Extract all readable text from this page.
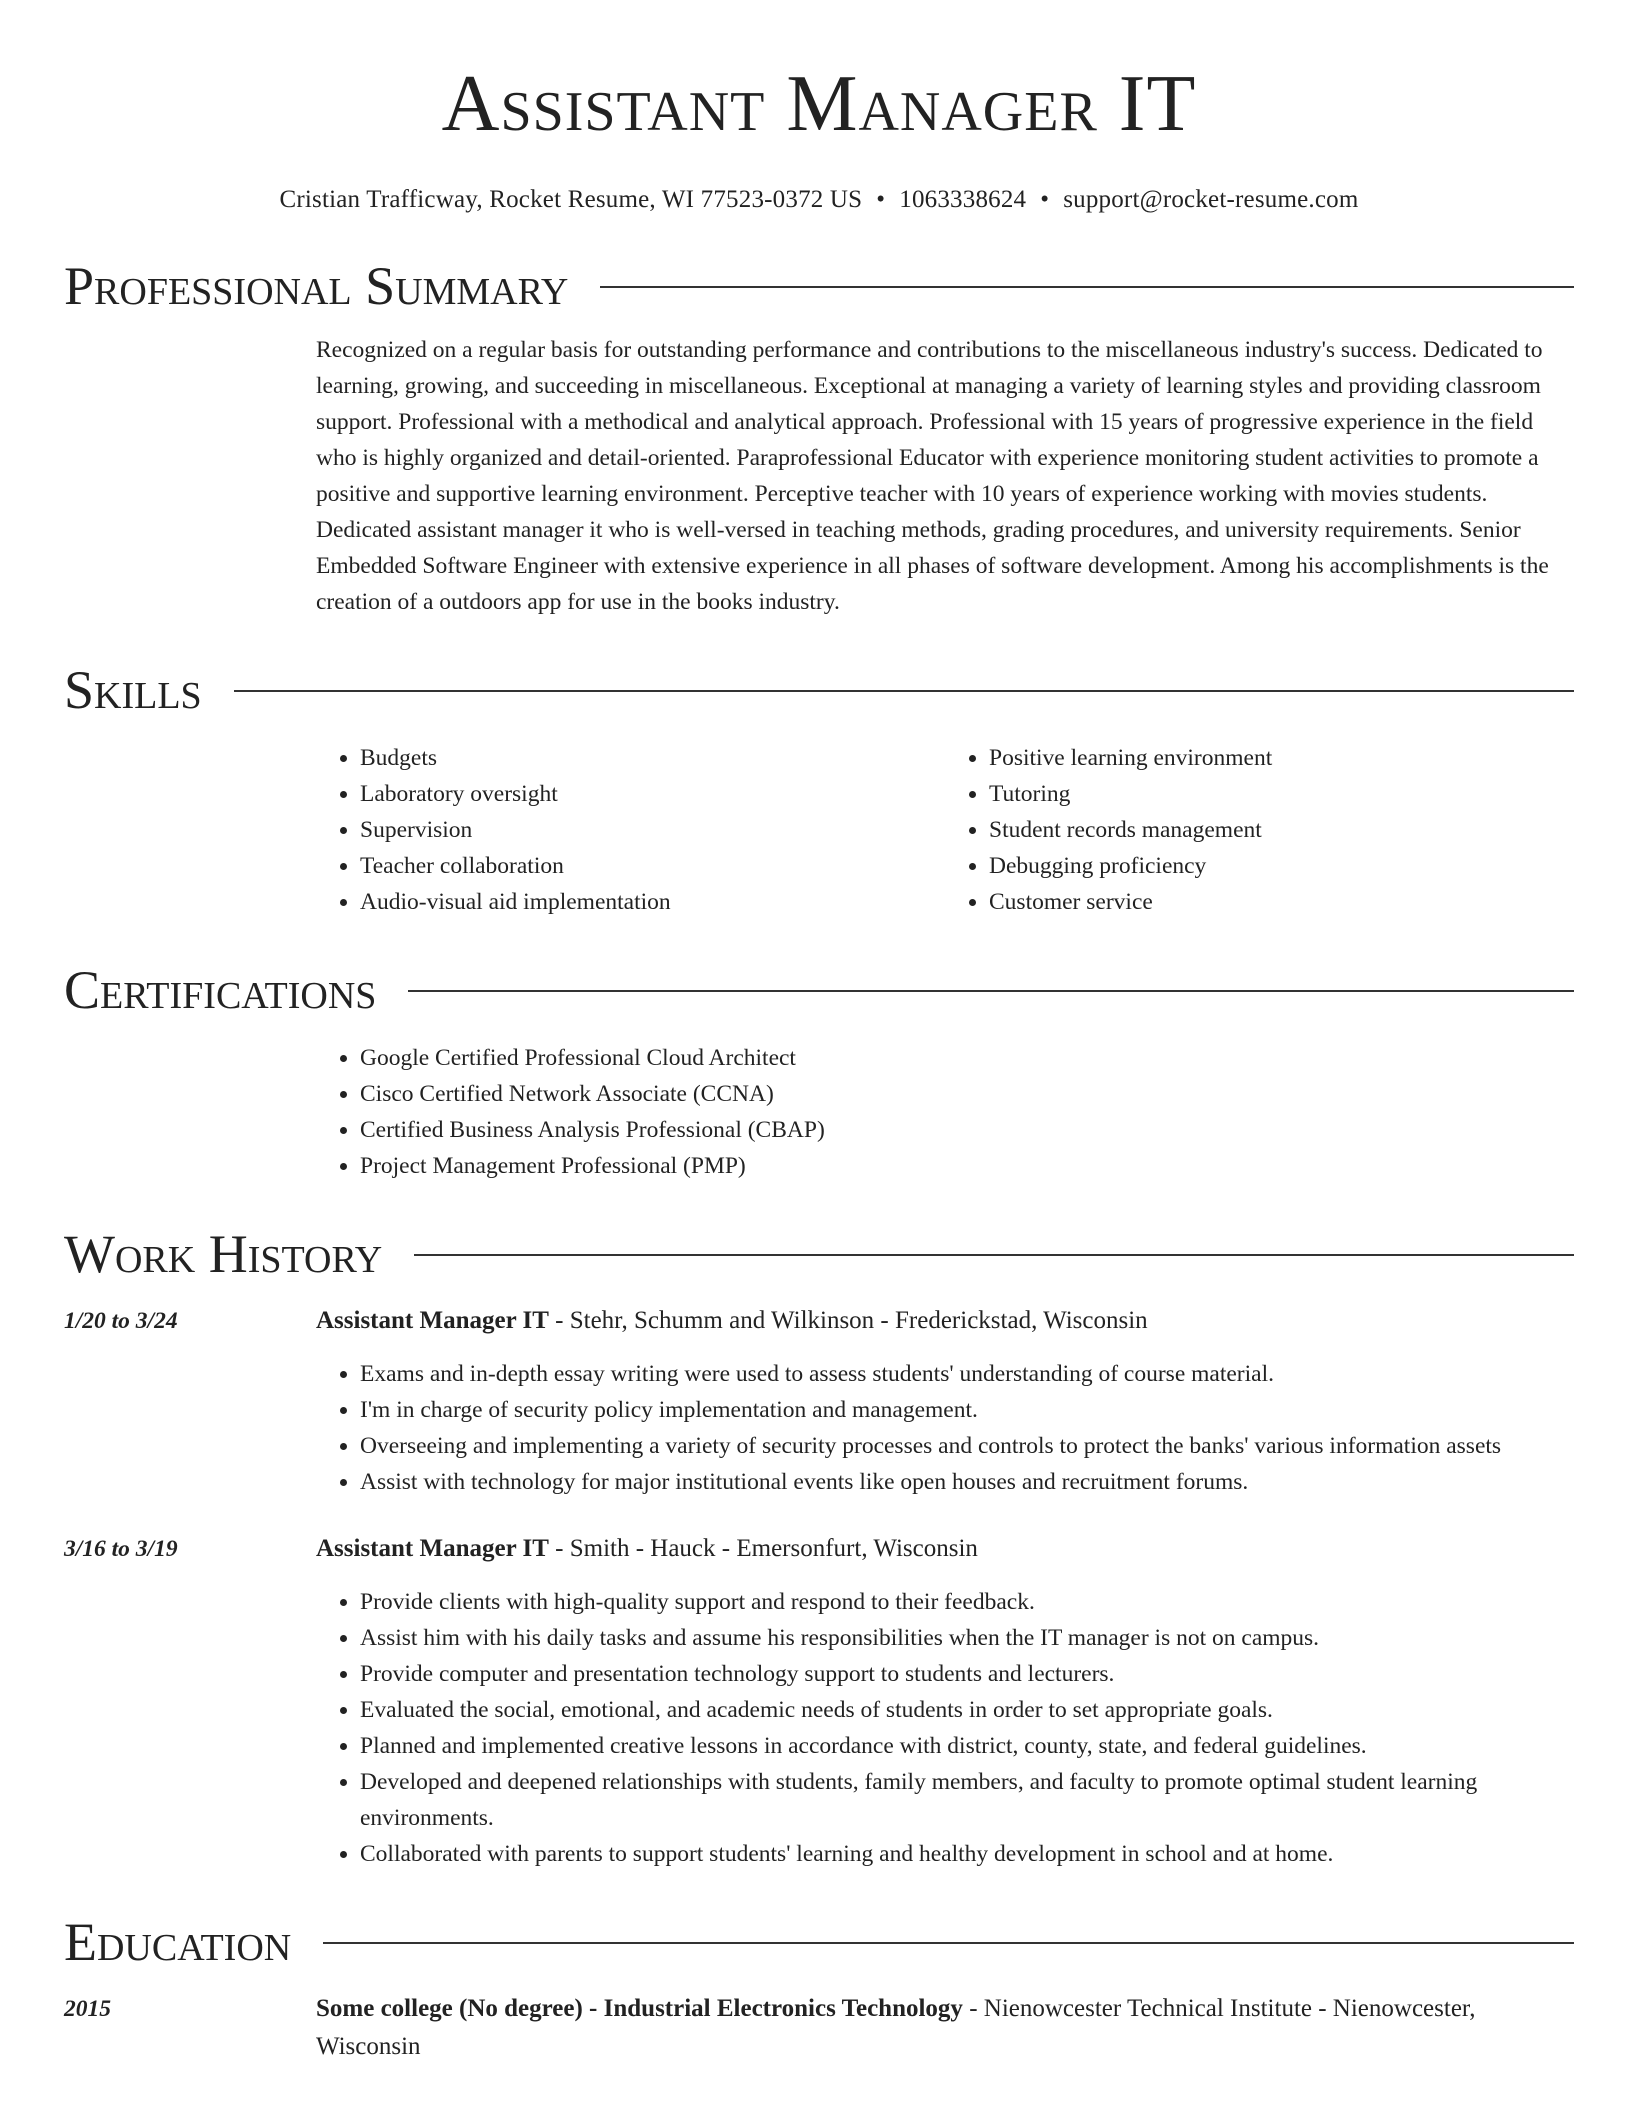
Assistant Manager IT
Cristian Trafficway, Rocket Resume, WI 77523-0372 US • 1063338624 • support@rocket-resume.com
Professional Summary
Recognized on a regular basis for outstanding performance and contributions to the miscellaneous industry's success. Dedicated to learning, growing, and succeeding in miscellaneous. Exceptional at managing a variety of learning styles and providing classroom support. Professional with a methodical and analytical approach. Professional with 15 years of progressive experience in the field who is highly organized and detail-oriented. Paraprofessional Educator with experience monitoring student activities to promote a positive and supportive learning environment. Perceptive teacher with 10 years of experience working with movies students. Dedicated assistant manager it who is well-versed in teaching methods, grading procedures, and university requirements. Senior Embedded Software Engineer with extensive experience in all phases of software development. Among his accomplishments is the creation of a outdoors app for use in the books industry.
Skills
• Budgets
• Laboratory oversight
• Supervision
• Teacher collaboration
• Audio-visual aid implementation
• Positive learning environment
• Tutoring
• Student records management
• Debugging proficiency
• Customer service
Certifications
• Google Certified Professional Cloud Architect
• Cisco Certified Network Associate (CCNA)
• Certified Business Analysis Professional (CBAP)
• Project Management Professional (PMP)
Work History
1/20 to 3/24	Assistant Manager IT - Stehr, Schumm and Wilkinson - Frederickstad, Wisconsin
• Exams and in-depth essay writing were used to assess students' understanding of course material.
• I'm in charge of security policy implementation and management.
• Overseeing and implementing a variety of security processes and controls to protect the banks' various information assets
• Assist with technology for major institutional events like open houses and recruitment forums.
3/16 to 3/19	Assistant Manager IT - Smith - Hauck - Emersonfurt, Wisconsin
• Provide clients with high-quality support and respond to their feedback.
• Assist him with his daily tasks and assume his responsibilities when the IT manager is not on campus.
• Provide computer and presentation technology support to students and lecturers.
• Evaluated the social, emotional, and academic needs of students in order to set appropriate goals.
• Planned and implemented creative lessons in accordance with district, county, state, and federal guidelines.
• Developed and deepened relationships with students, family members, and faculty to promote optimal student learning environments.
• Collaborated with parents to support students' learning and healthy development in school and at home.
Education
2015	Some college (No degree) - Industrial Electronics Technology - Nienowcester Technical Institute - Nienowcester, Wisconsin
